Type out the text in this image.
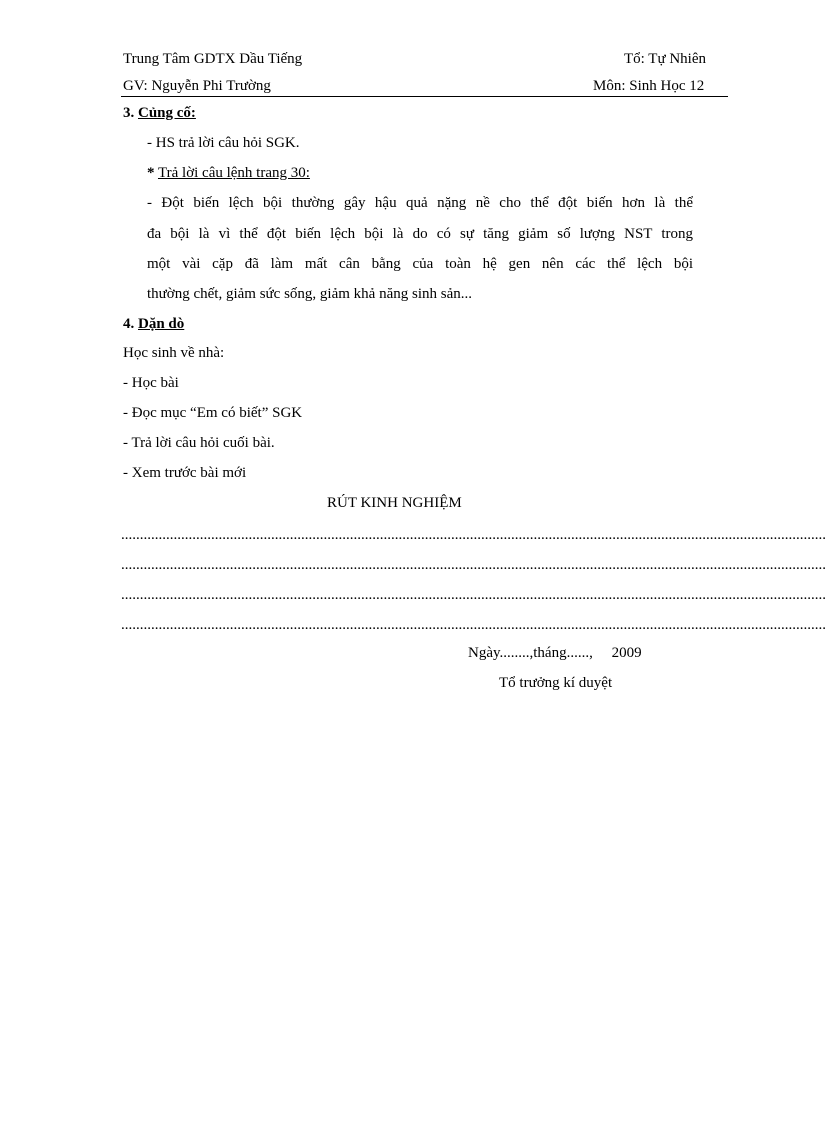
Trung Tâm GDTX Dầu Tiếng	Tổ: Tự Nhiên
GV: Nguyễn Phi Trường	Môn: Sinh Học 12
3. Củng cố:
- HS trả lời câu hỏi SGK.
* Trả lời câu lệnh trang 30:
- Đột biến lệch bội thường gây hậu quả nặng nề cho thể đột biến hơn là thể
đa bội là vì thể đột biến lệch bội là do có sự tăng giảm số lượng NST trong
một vài cặp đã làm mất cân bằng của toàn hệ gen nên các thể lệch bội
thường chết, giảm sức sống, giảm khả năng sinh sản...
4. Dặn dò
Học sinh về nhà:
- Học bài
- Đọc mục “Em có biết” SGK
- Trả lời câu hỏi cuối bài.
- Xem trước bài mới
RÚT KINH NGHIỆM
............................................................................................................................................................................................
............................................................................................................................................................................................
............................................................................................................................................................................................
............................................................................................................................................................................................
Ngày........,tháng......,     2009
Tổ trưởng kí duyệt
